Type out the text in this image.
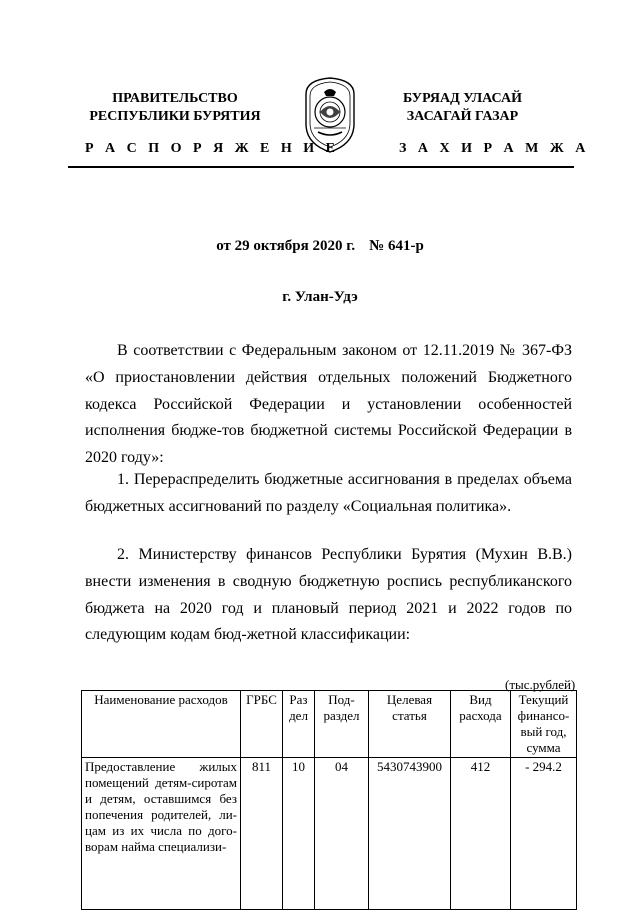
ПРАВИТЕЛЬСТВО
РЕСПУБЛИКИ БУРЯТИЯ
БУРЯАД УЛАСАЙ
ЗАСАГАЙ ГАЗАР
Р А С П О Р Я Ж Е Н И Е	З А Х И Р А М Ж А
от 29 октября 2020 г. № 641-р
г. Улан-Удэ
  В соответствии с Федеральным законом от 12.11.2019 № 367-ФЗ «О приостановлении действия отдельных положений Бюджетного кодекса Российской Федерации и установлении особенностей исполнения бюдже-тов бюджетной системы Российской Федерации в 2020 году»:
  1. Перераспределить бюджетные ассигнования в пределах объема бюджетных ассигнований по разделу «Социальная политика».
  2. Министерству финансов Республики Бурятия (Мухин В.В.) внести изменения в сводную бюджетную роспись республиканского бюджета на 2020 год и плановый период 2021 и 2022 годов по следующим кодам бюд-жетной классификации:
(тыс.рублей)
Наименование расходов	ГРБС	Раз дел	Под-раздел	Целевая статья	Вид расхода	Текущий финансо-вый год, сумма

Предоставление жилых помещений детям-сиротам и детям, оставшимся без попечения родителей, ли-цам из их числа по дого-ворам найма специализи-	811	10	04	5430743900	412	- 294.2
